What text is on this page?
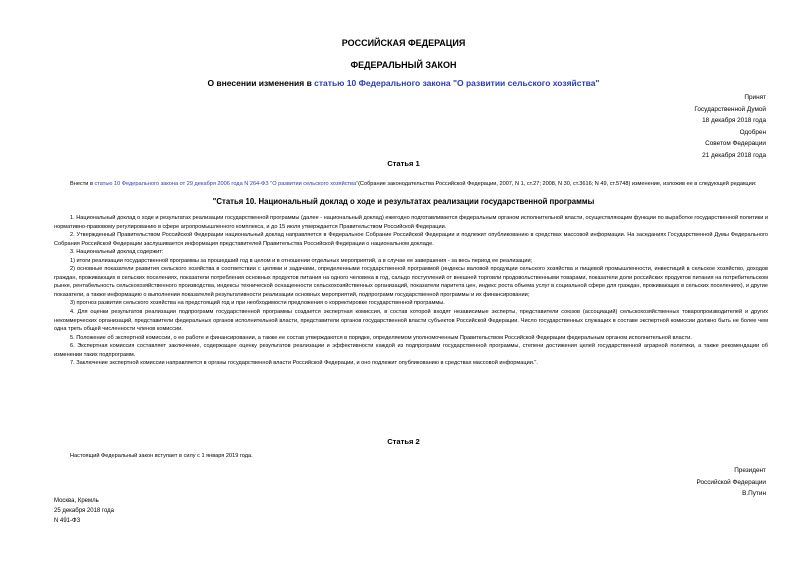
РОССИЙСКАЯ ФЕДЕРАЦИЯ
ФЕДЕРАЛЬНЫЙ ЗАКОН
О внесении изменения в статью 10 Федерального закона "О развитии сельского хозяйства"
Принят
Государственной Думой
18 декабря 2018 года
Одобрен
Советом Федерации
21 декабря 2018 года
Статья 1
Внести в статью 10 Федерального закона от 29 декабря 2006 года N 264-ФЗ "О развитии сельского хозяйства"(Собрание законодательства Российской Федерации, 2007, N 1, ст.27; 2008, N 30, ст.3616; N 49, ст.5748) изменение, изложив ее в следующей редакции:
"Статья 10. Национальный доклад о ходе и результатах реализации государственной программы

1. Национальный доклад о ходе и результатах реализации государственной программы (далее - национальный доклад) ежегодно подготавливается федеральным органом исполнительной власти, осуществляющим функции по выработке государственной политики и нормативно-правовому регулированию в сфере агропромышленного комплекса, и до 15 июля утверждается Правительством Российской Федерации.

2. Утвержденный Правительством Российской Федерации национальный доклад направляется в Федеральное Собрание Российской Федерации и подлежит опубликованию в средствах массовой информации. На заседаниях Государственной Думы Федерального Собрания Российской Федерации заслушивается информация представителей Правительства Российской Федерации о национальном докладе.

3. Национальный доклад содержит:

1) итоги реализации государственной программы за прошедший год в целом и в отношении отдельных мероприятий, а в случае ее завершения - за весь период ее реализации;

2) основные показатели развития сельского хозяйства в соответствии с целями и задачами, определенными государственной программой (индексы валовой продукции сельского хозяйства и пищевой промышленности, инвестиций в сельское хозяйство, доходов граждан, проживающих в сельских поселениях, показатели потребления основных продуктов питания на одного человека в год, сальдо поступлений от внешней торговли продовольственными товарами, показатели доли российских продуктов питания на потребительском рынке, рентабельность сельскохозяйственного производства, индексы технической оснащенности сельскохозяйственных организаций, показатели паритета цен, индекс роста объема услуг в социальной сфере для граждан, проживающих в сельских поселениях), и другие показатели, а также информацию о выполнении показателей результативности реализации основных мероприятий, подпрограмм государственной программы и их финансировании;

3) прогноз развития сельского хозяйства на предстоящий год и при необходимости предложения о корректировке государственной программы.

4. Для оценки результатов реализации подпрограмм государственной программы создается экспертная комиссия, в состав которой входят независимые эксперты, представители союзов (ассоциаций) сельскохозяйственных товаропроизводителей и других некоммерческих организаций, представители федеральных органов исполнительной власти, представители органов государственной власти субъектов Российской Федерации. Число государственных служащих в составе экспертной комиссии должно быть не более чем одна треть общей численности членов комиссии.

5. Положение об экспертной комиссии, о ее работе и финансировании, а также ее состав утверждаются в порядке, определяемом уполномоченным Правительством Российской Федерации федеральным органом исполнительной власти.

6. Экспертная комиссия составляет заключение, содержащее оценку результатов реализации и эффективности каждой из подпрограмм государственной программы, степени достижения целей государственной аграрной политики, а также рекомендации об изменении таких подпрограмм.

7. Заключение экспертной комиссии направляется в органы государственной власти Российской Федерации, и оно подлежит опубликованию в средствах массовой информации.".

Статья 2
Настоящий Федеральный закон вступает в силу с 1 января 2019 года.
Президент
Российской Федерации
В.Путин
Москва, Кремль
25 декабря 2018 года
N 491-ФЗ
